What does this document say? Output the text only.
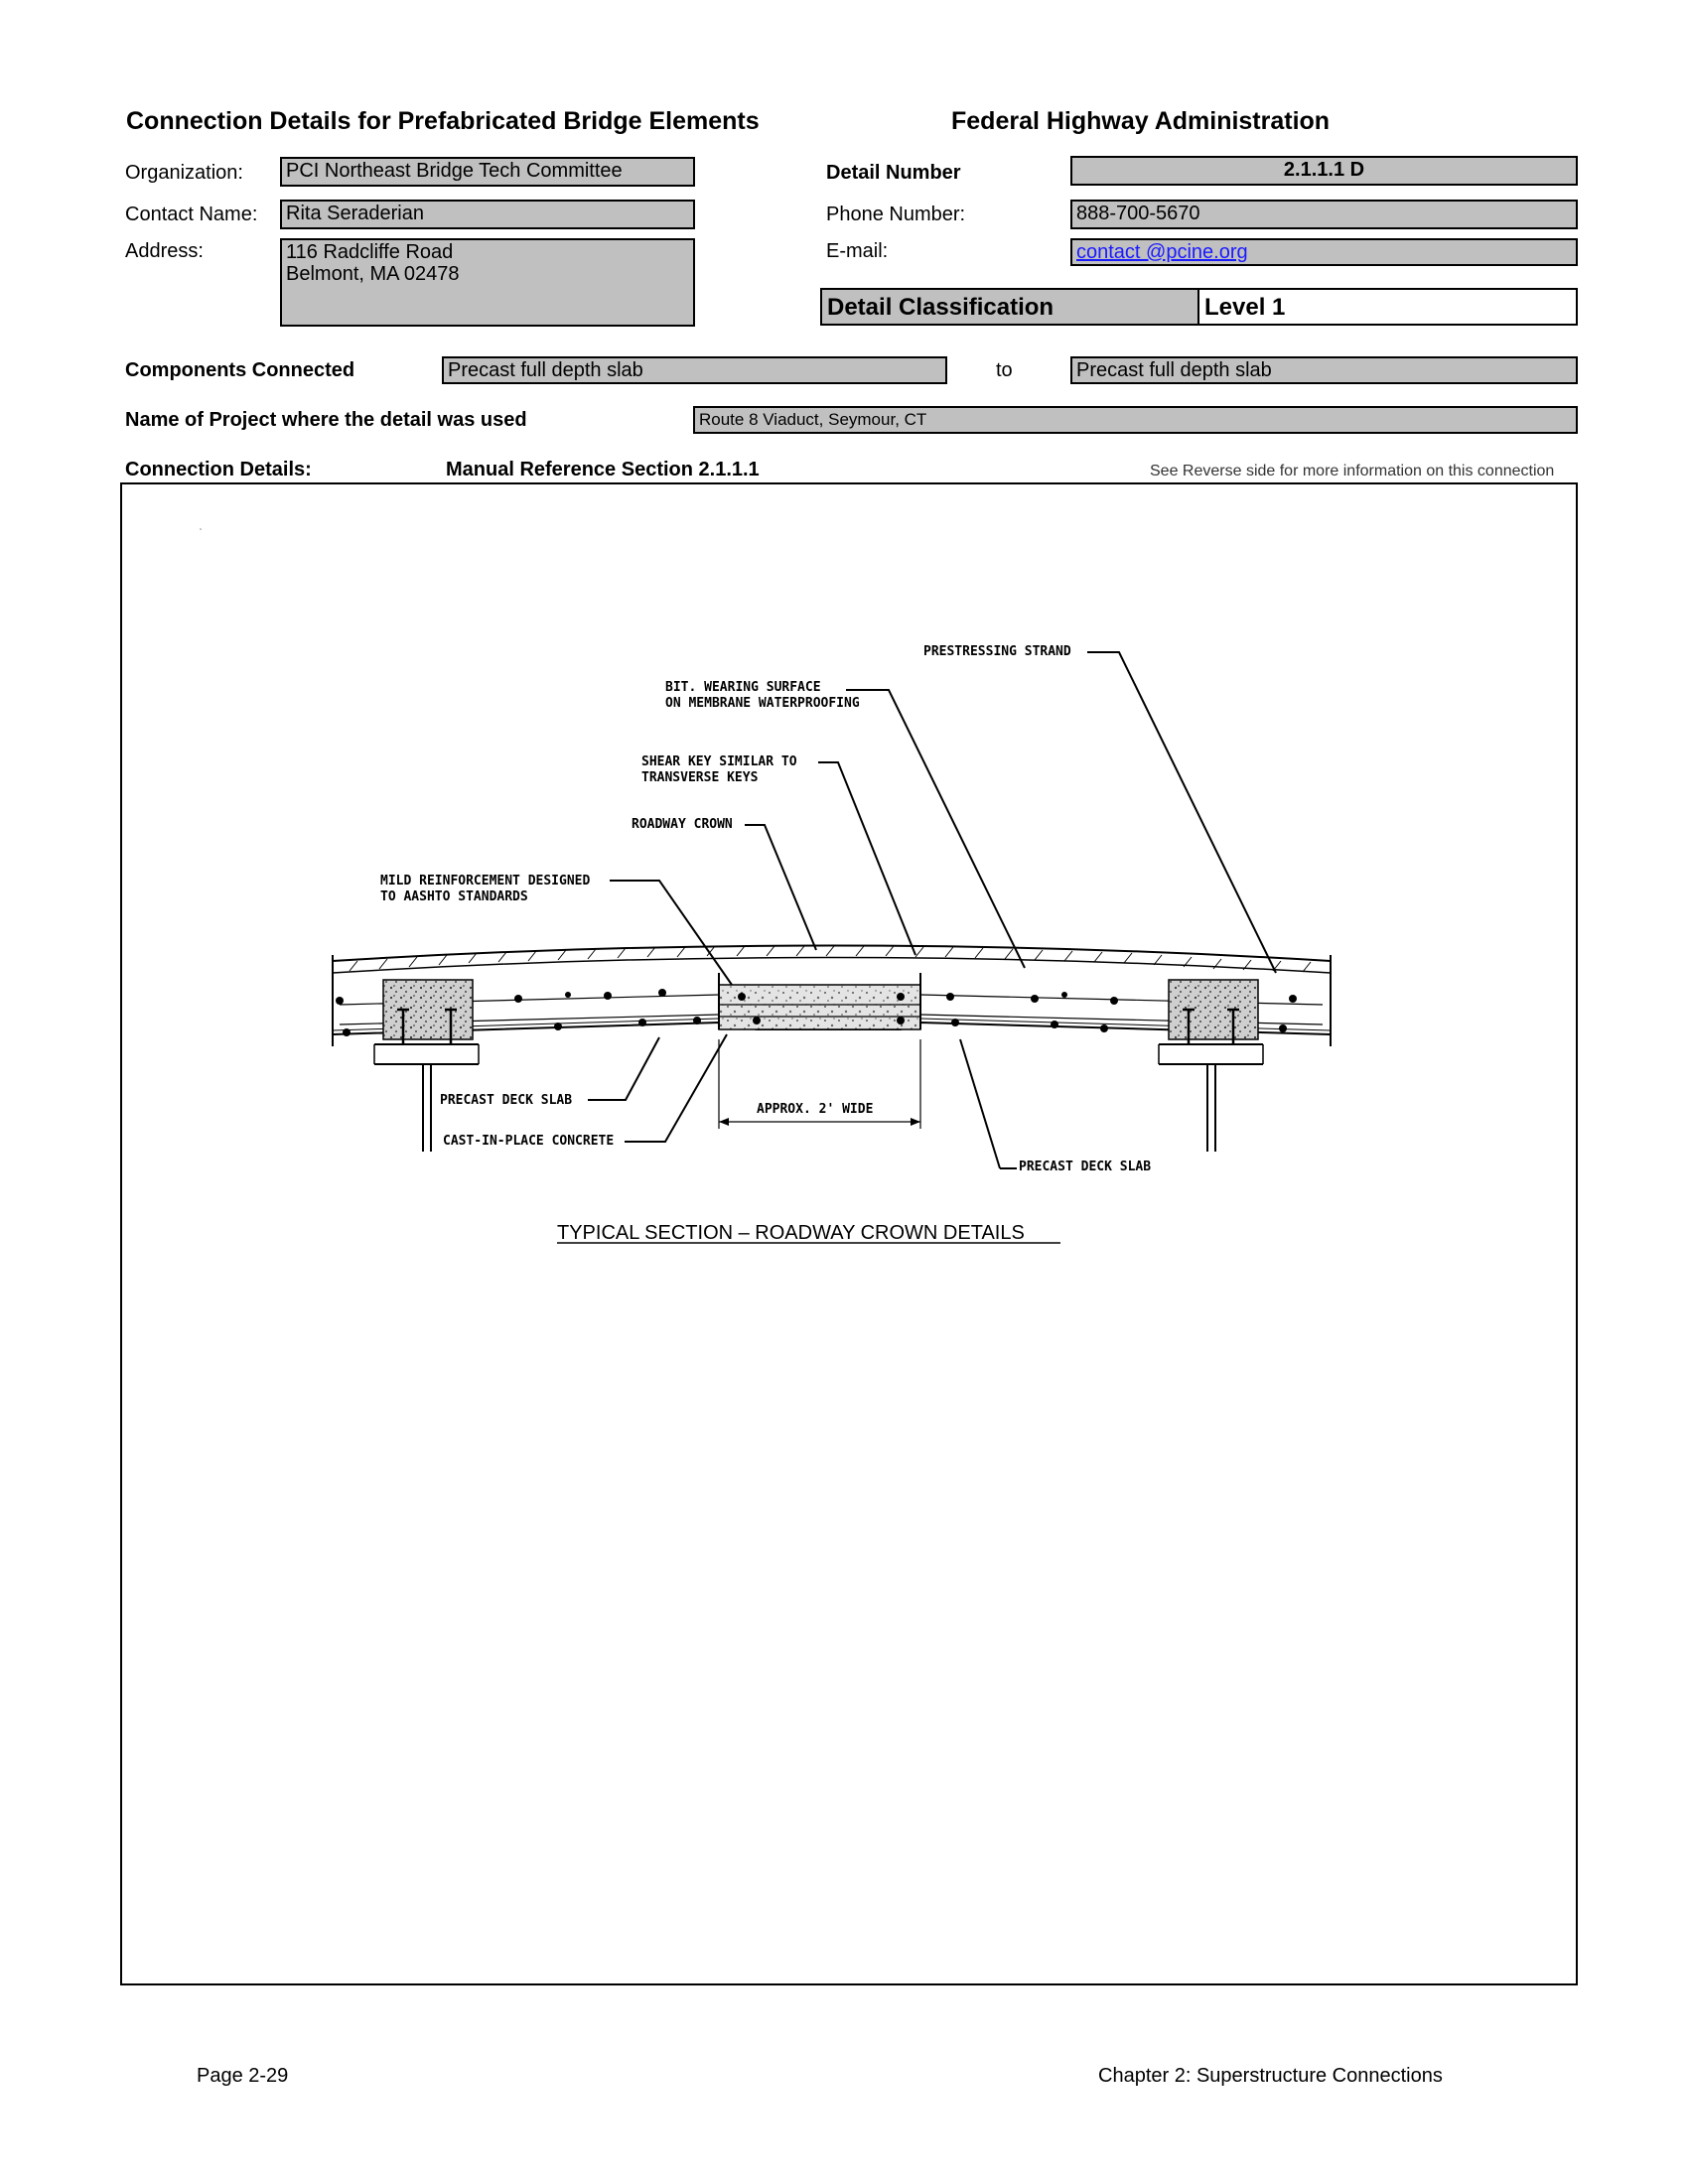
Connection Details for Prefabricated Bridge Elements	Federal Highway Administration
Organization:	PCI Northeast Bridge Tech Committee
Contact Name:	Rita Seraderian
Address:	116 Radcliffe Road
Belmont, MA 02478
Detail Number	2.1.1.1 D
Phone Number:	888-700-5670
E-mail:	contact @pcine.org
Detail Classification	Level 1
Components Connected	Precast full depth slab	to	Precast full depth slab
Name of Project where the detail was used	Route 8 Viaduct, Seymour, CT
Connection Details:	Manual Reference Section 2.1.1.1	See Reverse side for more information on this connection
PRESTRESSING STRAND
BIT. WEARING SURFACE
ON MEMBRANE WATERPROOFING
SHEAR KEY SIMILAR TO
TRANSVERSE KEYS
ROADWAY CROWN
MILD REINFORCEMENT DESIGNED
TO AASHTO STANDARDS
PRECAST DECK SLAB
CAST-IN-PLACE CONCRETE
APPROX. 2' WIDE
PRECAST DECK SLAB
TYPICAL SECTION – ROADWAY CROWN DETAILS
Page 2-29	Chapter 2: Superstructure Connections
